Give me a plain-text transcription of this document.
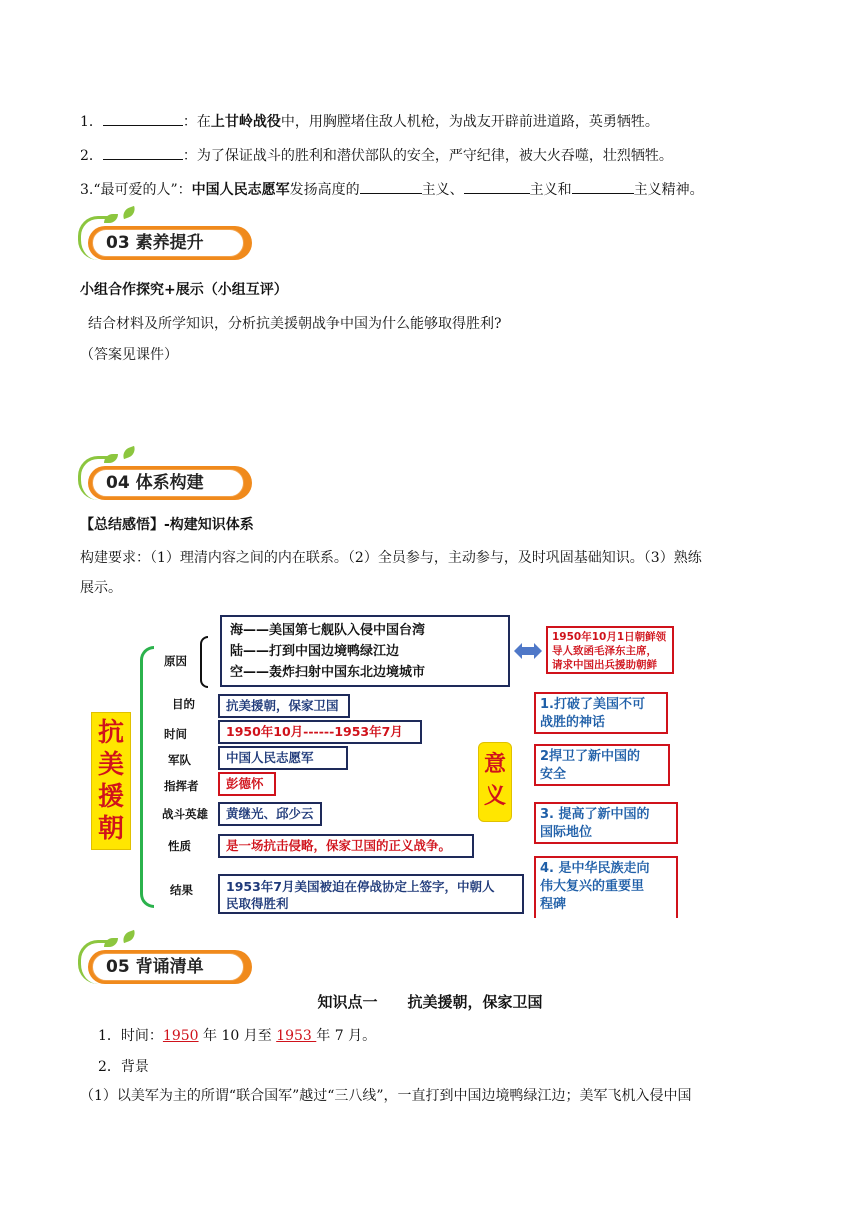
1．	：在上甘岭战役中，用胸膛堵住敌人机枪，为战友开辟前进道路，英勇牺牲。
2．	：为了保证战斗的胜利和潜伏部队的安全，严守纪律，被大火吞噬，壮烈牺牲。
3.“最可爱的人”：中国人民志愿军发扬高度的	主义、	主义和	主义精神。
03 素养提升
小组合作探究+展示（小组互评）
结合材料及所学知识，分析抗美援朝战争中国为什么能够取得胜利?
（答案见课件）
04 体系构建
【总结感悟】-构建知识体系
构建要求：（1）理清内容之间的内在联系。（2）全员参与，主动参与，及时巩固基础知识。（3）熟练
展示。
抗
美
援
朝
原因
目的
时间
军队
指挥者
战斗英雄
性质
结果
海——美国第七舰队入侵中国台湾
陆——打到中国边境鸭绿江边
空——轰炸扫射中国东北边境城市
1950年10月1日朝鲜领
导人致函毛泽东主席，
请求中国出兵援助朝鲜
抗美援朝，保家卫国
1950年10月------1953年7月
中国人民志愿军
彭德怀
黄继光、邱少云
是一场抗击侵略，保家卫国的正义战争。
1953年7月美国被迫在停战协定上签字，中朝人
民取得胜利
意
义
1.打破了美国不可
战胜的神话
2捍卫了新中国的
安全
3. 提高了新中国的
国际地位
4. 是中华民族走向
伟大复兴的重要里
程碑
05 背诵清单
知识点一　　抗美援朝，保家卫国
1．时间：1950 年 10 月至 1953 年 7 月。
2．背景
（1）以美军为主的所谓“联合国军”越过“三八线”，一直打到中国边境鸭绿江边；美军飞机入侵中国
